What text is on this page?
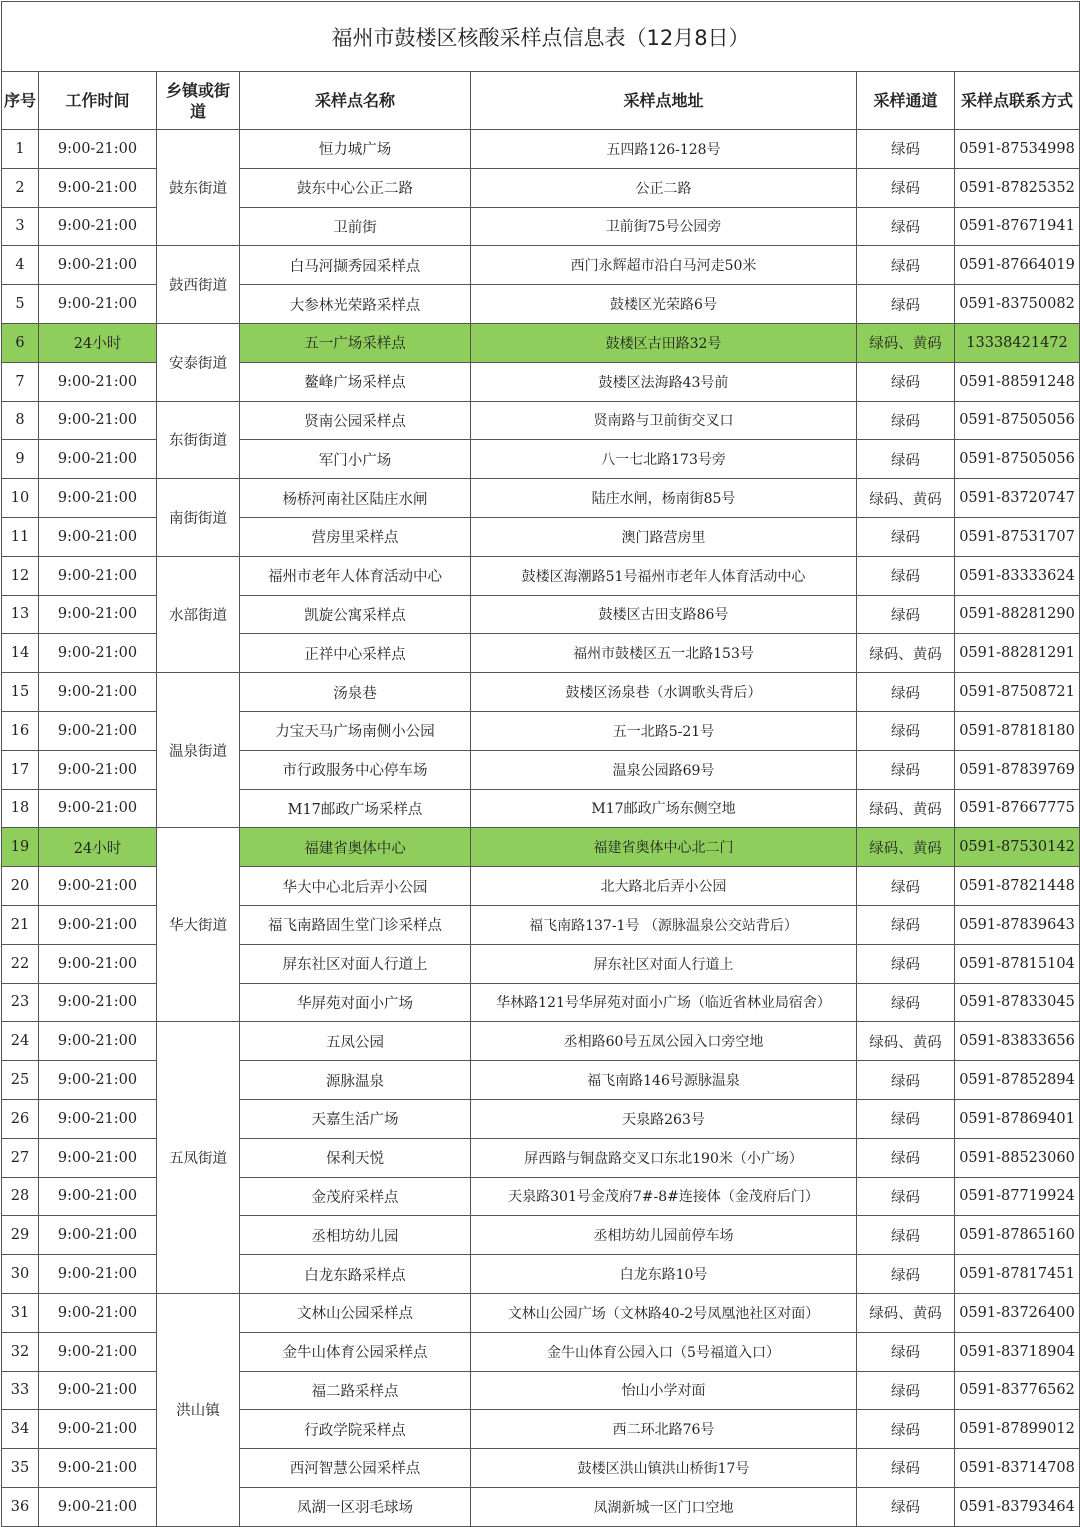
福州市鼓楼区核酸采样点信息表（12月8日）						
序号	工作时间	乡镇或街道	采样点名称	采样点地址	采样通道	采样点联系方式
1	9:00-21:00	鼓东街道	恒力城广场	五四路126-128号	绿码	0591-87534998
2	9:00-21:00		鼓东中心公正二路	公正二路	绿码	0591-87825352
3	9:00-21:00		卫前街	卫前街75号公园旁	绿码	0591-87671941
4	9:00-21:00	鼓西街道	白马河撷秀园采样点	西门永辉超市沿白马河走50米	绿码	0591-87664019
5	9:00-21:00		大参林光荣路采样点	鼓楼区光荣路6号	绿码	0591-83750082
6	24小时	安泰街道	五一广场采样点	鼓楼区古田路32号	绿码、黄码	13338421472
7	9:00-21:00		鳌峰广场采样点	鼓楼区法海路43号前	绿码	0591-88591248
8	9:00-21:00	东街街道	贤南公园采样点	贤南路与卫前街交叉口	绿码	0591-87505056
9	9:00-21:00		军门小广场	八一七北路173号旁	绿码	0591-87505056
10	9:00-21:00	南街街道	杨桥河南社区陆庄水闸	陆庄水闸，杨南街85号	绿码、黄码	0591-83720747
11	9:00-21:00		营房里采样点	澳门路营房里	绿码	0591-87531707
12	9:00-21:00	水部街道	福州市老年人体育活动中心	鼓楼区海潮路51号福州市老年人体育活动中心	绿码	0591-83333624
13	9:00-21:00		凯旋公寓采样点	鼓楼区古田支路86号	绿码	0591-88281290
14	9:00-21:00		正祥中心采样点	福州市鼓楼区五一北路153号	绿码、黄码	0591-88281291
15	9:00-21:00	温泉街道	汤泉巷	鼓楼区汤泉巷（水调歌头背后）	绿码	0591-87508721
16	9:00-21:00		力宝天马广场南侧小公园	五一北路5-21号	绿码	0591-87818180
17	9:00-21:00		市行政服务中心停车场	温泉公园路69号	绿码	0591-87839769
18	9:00-21:00		M17邮政广场采样点	M17邮政广场东侧空地	绿码、黄码	0591-87667775
19	24小时	华大街道	福建省奥体中心	福建省奥体中心北二门	绿码、黄码	0591-87530142
20	9:00-21:00		华大中心北后弄小公园	北大路北后弄小公园	绿码	0591-87821448
21	9:00-21:00		福飞南路固生堂门诊采样点	福飞南路137-1号 （源脉温泉公交站背后）	绿码	0591-87839643
22	9:00-21:00		屏东社区对面人行道上	屏东社区对面人行道上	绿码	0591-87815104
23	9:00-21:00		华屏苑对面小广场	华林路121号华屏苑对面小广场（临近省林业局宿舍）	绿码	0591-87833045
24	9:00-21:00	五凤街道	五凤公园	丞相路60号五凤公园入口旁空地	绿码、黄码	0591-83833656
25	9:00-21:00		源脉温泉	福飞南路146号源脉温泉	绿码	0591-87852894
26	9:00-21:00		天嘉生活广场	天泉路263号	绿码	0591-87869401
27	9:00-21:00		保利天悦	屏西路与铜盘路交叉口东北190米（小广场）	绿码	0591-88523060
28	9:00-21:00		金茂府采样点	天泉路301号金茂府7#-8#连接体（金茂府后门）	绿码	0591-87719924
29	9:00-21:00		丞相坊幼儿园	丞相坊幼儿园前停车场	绿码	0591-87865160
30	9:00-21:00		白龙东路采样点	白龙东路10号	绿码	0591-87817451
31	9:00-21:00	洪山镇	文林山公园采样点	文林山公园广场（文林路40-2号凤凰池社区对面）	绿码、黄码	0591-83726400
32	9:00-21:00		金牛山体育公园采样点	金牛山体育公园入口（5号福道入口）	绿码	0591-83718904
33	9:00-21:00		福二路采样点	怡山小学对面	绿码	0591-83776562
34	9:00-21:00		行政学院采样点	西二环北路76号	绿码	0591-87899012
35	9:00-21:00		西河智慧公园采样点	鼓楼区洪山镇洪山桥街17号	绿码	0591-83714708
36	9:00-21:00		凤湖一区羽毛球场	凤湖新城一区门口空地	绿码	0591-83793464
